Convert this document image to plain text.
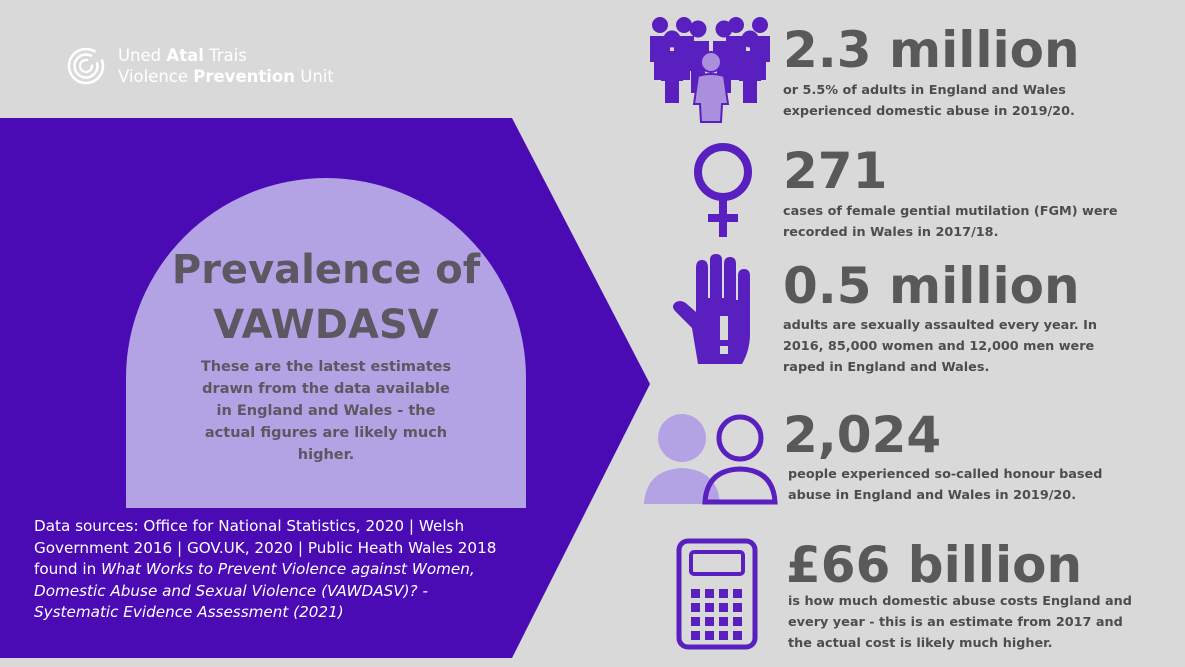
Uned Atal Trais
Violence Prevention Unit
Prevalence of
VAWDASV
These are the latest estimates drawn from the data available in England and Wales - the actual figures are likely much higher.
Data sources: Office for National Statistics, 2020 | Welsh Government 2016 | GOV.UK, 2020 | Public Heath Wales 2018 found in What Works to Prevent Violence against Women, Domestic Abuse and Sexual Violence (VAWDASV)? - Systematic Evidence Assessment (2021)
2.3 million
or 5.5% of adults in England and Wales experienced domestic abuse in 2019/20.
271
cases of female gential mutilation (FGM) were recorded in Wales in 2017/18.
0.5 million
adults are sexually assaulted every year. In 2016, 85,000 women and 12,000 men were raped in England and Wales.
2,024
people experienced so-called honour based abuse in England and Wales in 2019/20.
£66 billion
is how much domestic abuse costs England and every year - this is an estimate from 2017 and the actual cost is likely much higher.
